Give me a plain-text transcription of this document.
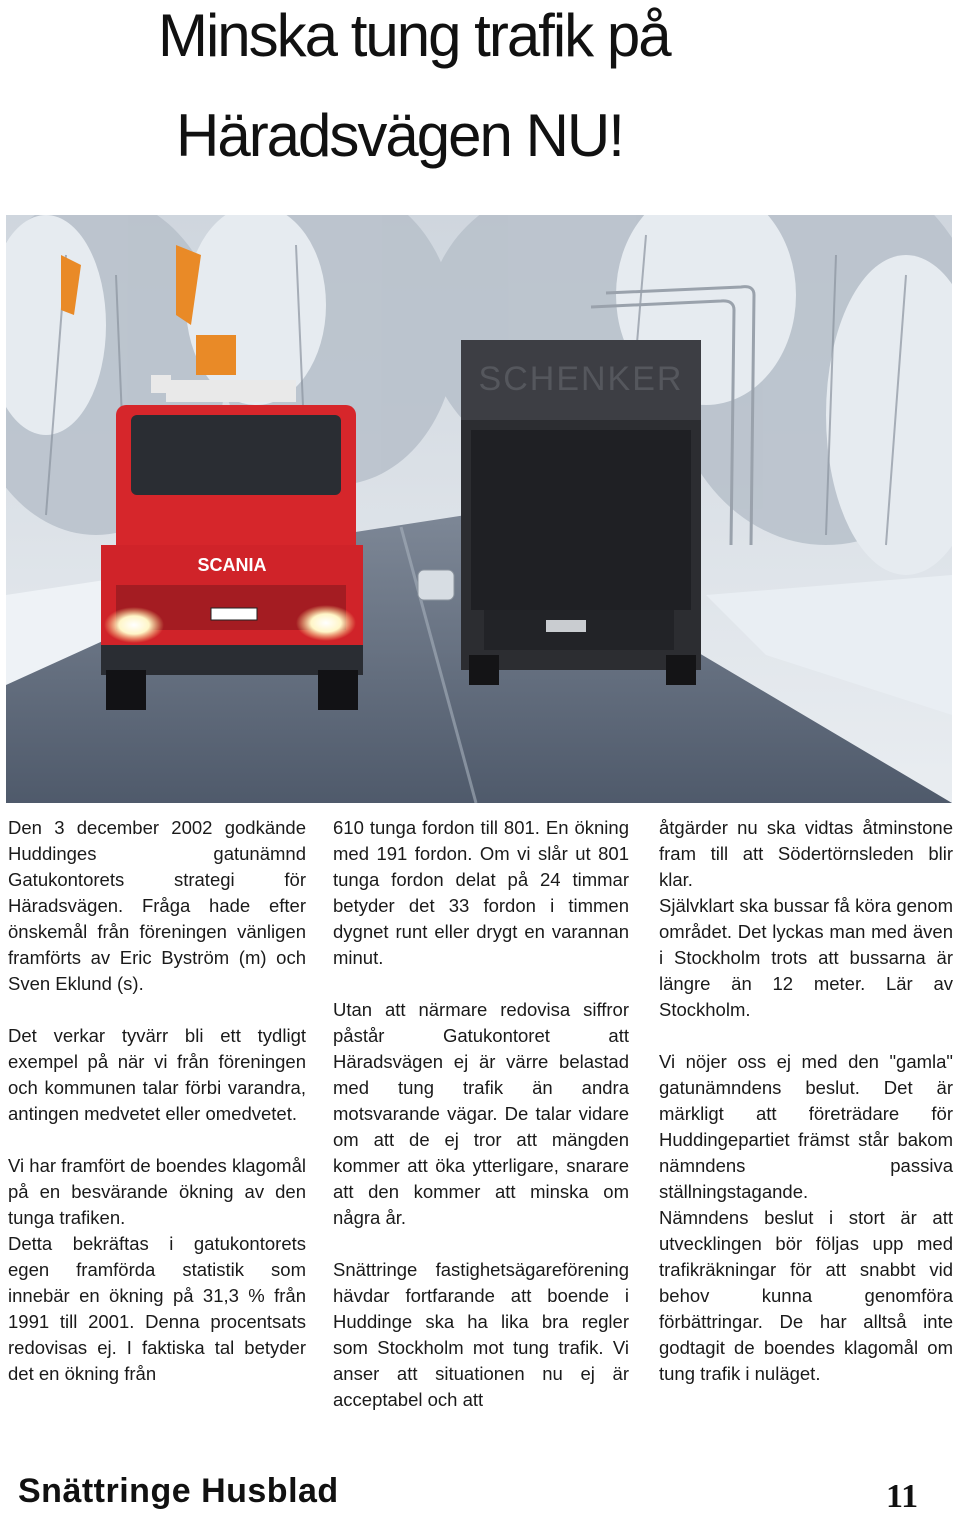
Minska tung trafik på
Häradsvägen NU!
SCHENKER
SCANIA

Den 3 december 2002 godkände Huddinges gatunämnd Gatukontorets strategi för Häradsvägen. Fråga hade efter önskemål från föreningen vänligen framförts av Eric Byström (m) och Sven Eklund (s).

Det verkar tyvärr bli ett tydligt exempel på när vi från föreningen och kommunen talar förbi varandra, antingen medvetet eller omedvetet.

Vi har framfört de boendes klagomål på en besvärande ökning av den tunga trafiken.

Detta bekräftas i gatukontorets egen framförda statistik som innebär en ökning på 31,3 % från 1991 till 2001. Denna procentsats redovisas ej. I faktiska tal betyder det en ökning från

610 tunga fordon till 801. En ökning med 191 fordon. Om vi slår ut 801 tunga fordon delat på 24 timmar betyder det 33 fordon i timmen dygnet runt eller drygt en varannan minut.

Utan att närmare redovisa siffror påstår Gatukontoret att Häradsvägen ej är värre belastad med tung trafik än andra motsvarande vägar. De talar vidare om att de ej tror att mängden kommer att öka ytterligare, snarare att den kommer att minska om några år.

Snättringe fastighetsägareförening hävdar fortfarande att boende i Huddinge ska ha lika bra regler som Stockholm mot tung trafik. Vi anser att situationen nu ej är acceptabel och att

åtgärder nu ska vidtas åtminstone fram till att Södertörnsleden blir klar.

Självklart ska bussar få köra genom området. Det lyckas man med även i Stockholm trots att bussarna är längre än 12 meter. Lär av Stockholm.

Vi nöjer oss ej med den "gamla" gatunämndens beslut. Det är märkligt att företrädare för Huddingepartiet främst står bakom nämndens passiva ställningstagande.

Nämndens beslut i stort är att utvecklingen bör följas upp med trafikräkningar för att snabbt vid behov kunna genomföra förbättringar. De har alltså inte godtagit de boendes klagomål om tung trafik i nuläget.

Snättringe Husblad	11
